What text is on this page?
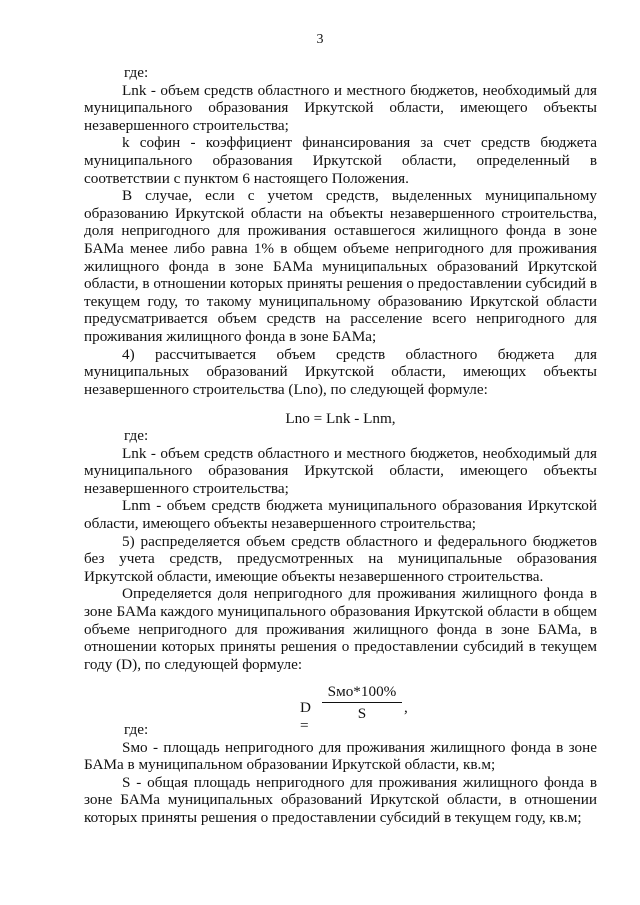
3

где:

Lnk - объем средств областного и местного бюджетов, необходимый для муниципального образования Иркутской области, имеющего объекты незавершенного строительства;

k софин - коэффициент финансирования за счет средств бюджета муниципального образования Иркутской области, определенный в соответствии с пунктом 6 настоящего Положения.

В случае, если с учетом средств, выделенных муниципальному образованию Иркутской области на объекты незавершенного строительства, доля непригодного для проживания оставшегося жилищного фонда в зоне БАМа менее либо равна 1% в общем объеме непригодного для проживания жилищного фонда в зоне БАМа муниципальных образований Иркутской области, в отношении которых приняты решения о предоставлении субсидий в текущем году, то такому муниципальному образованию Иркутской области предусматривается объем средств на расселение всего непригодного для проживания жилищного фонда в зоне БАМа;

4) рассчитывается объем средств областного бюджета для муниципальных образований Иркутской области, имеющих объекты незавершенного строительства (Lno), по следующей формуле:

Lno = Lnk - Lnm,

где:

Lnk - объем средств областного и местного бюджетов, необходимый для муниципального образования Иркутской области, имеющего объекты незавершенного строительства;

Lnm - объем средств бюджета муниципального образования Иркутской области, имеющего объекты незавершенного строительства;

5) распределяется объем средств областного и федерального бюджетов без учета средств, предусмотренных на муниципальные образования Иркутской области, имеющие объекты незавершенного строительства.

Определяется доля непригодного для проживания жилищного фонда в зоне БАМа каждого муниципального образования Иркутской области в общем объеме непригодного для проживания жилищного фонда в зоне БАМа, в отношении которых приняты решения о предоставлении субсидий в текущем году (D), по следующей формуле:

D =
Sмо*100%
S	,

где:

Sмо - площадь непригодного для проживания жилищного фонда в зоне БАМа в муниципальном образовании Иркутской области, кв.м;

S - общая площадь непригодного для проживания жилищного фонда в зоне БАМа муниципальных образований Иркутской области, в отношении которых приняты решения о предоставлении субсидий в текущем году, кв.м;
